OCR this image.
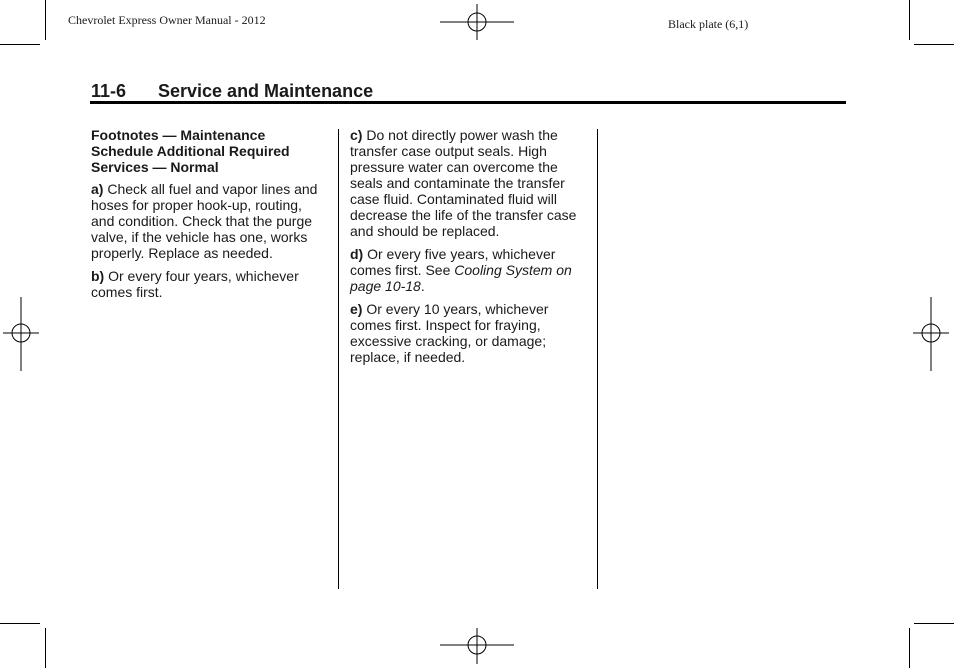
Chevrolet Express Owner Manual - 2012	Black plate (6,1)
11-6 Service and Maintenance
Footnotes — Maintenance Schedule Additional Required Services — Normal

a) Check all fuel and vapor lines and hoses for proper hook-up, routing, and condition. Check that the purge valve, if the vehicle has one, works properly. Replace as needed.

b) Or every four years, whichever comes first.

c) Do not directly power wash the transfer case output seals. High pressure water can overcome the seals and contaminate the transfer case fluid. Contaminated fluid will decrease the life of the transfer case and should be replaced.

d) Or every five years, whichever comes first. See Cooling System on page 10-18.

e) Or every 10 years, whichever comes first. Inspect for fraying, excessive cracking, or damage; replace, if needed.
